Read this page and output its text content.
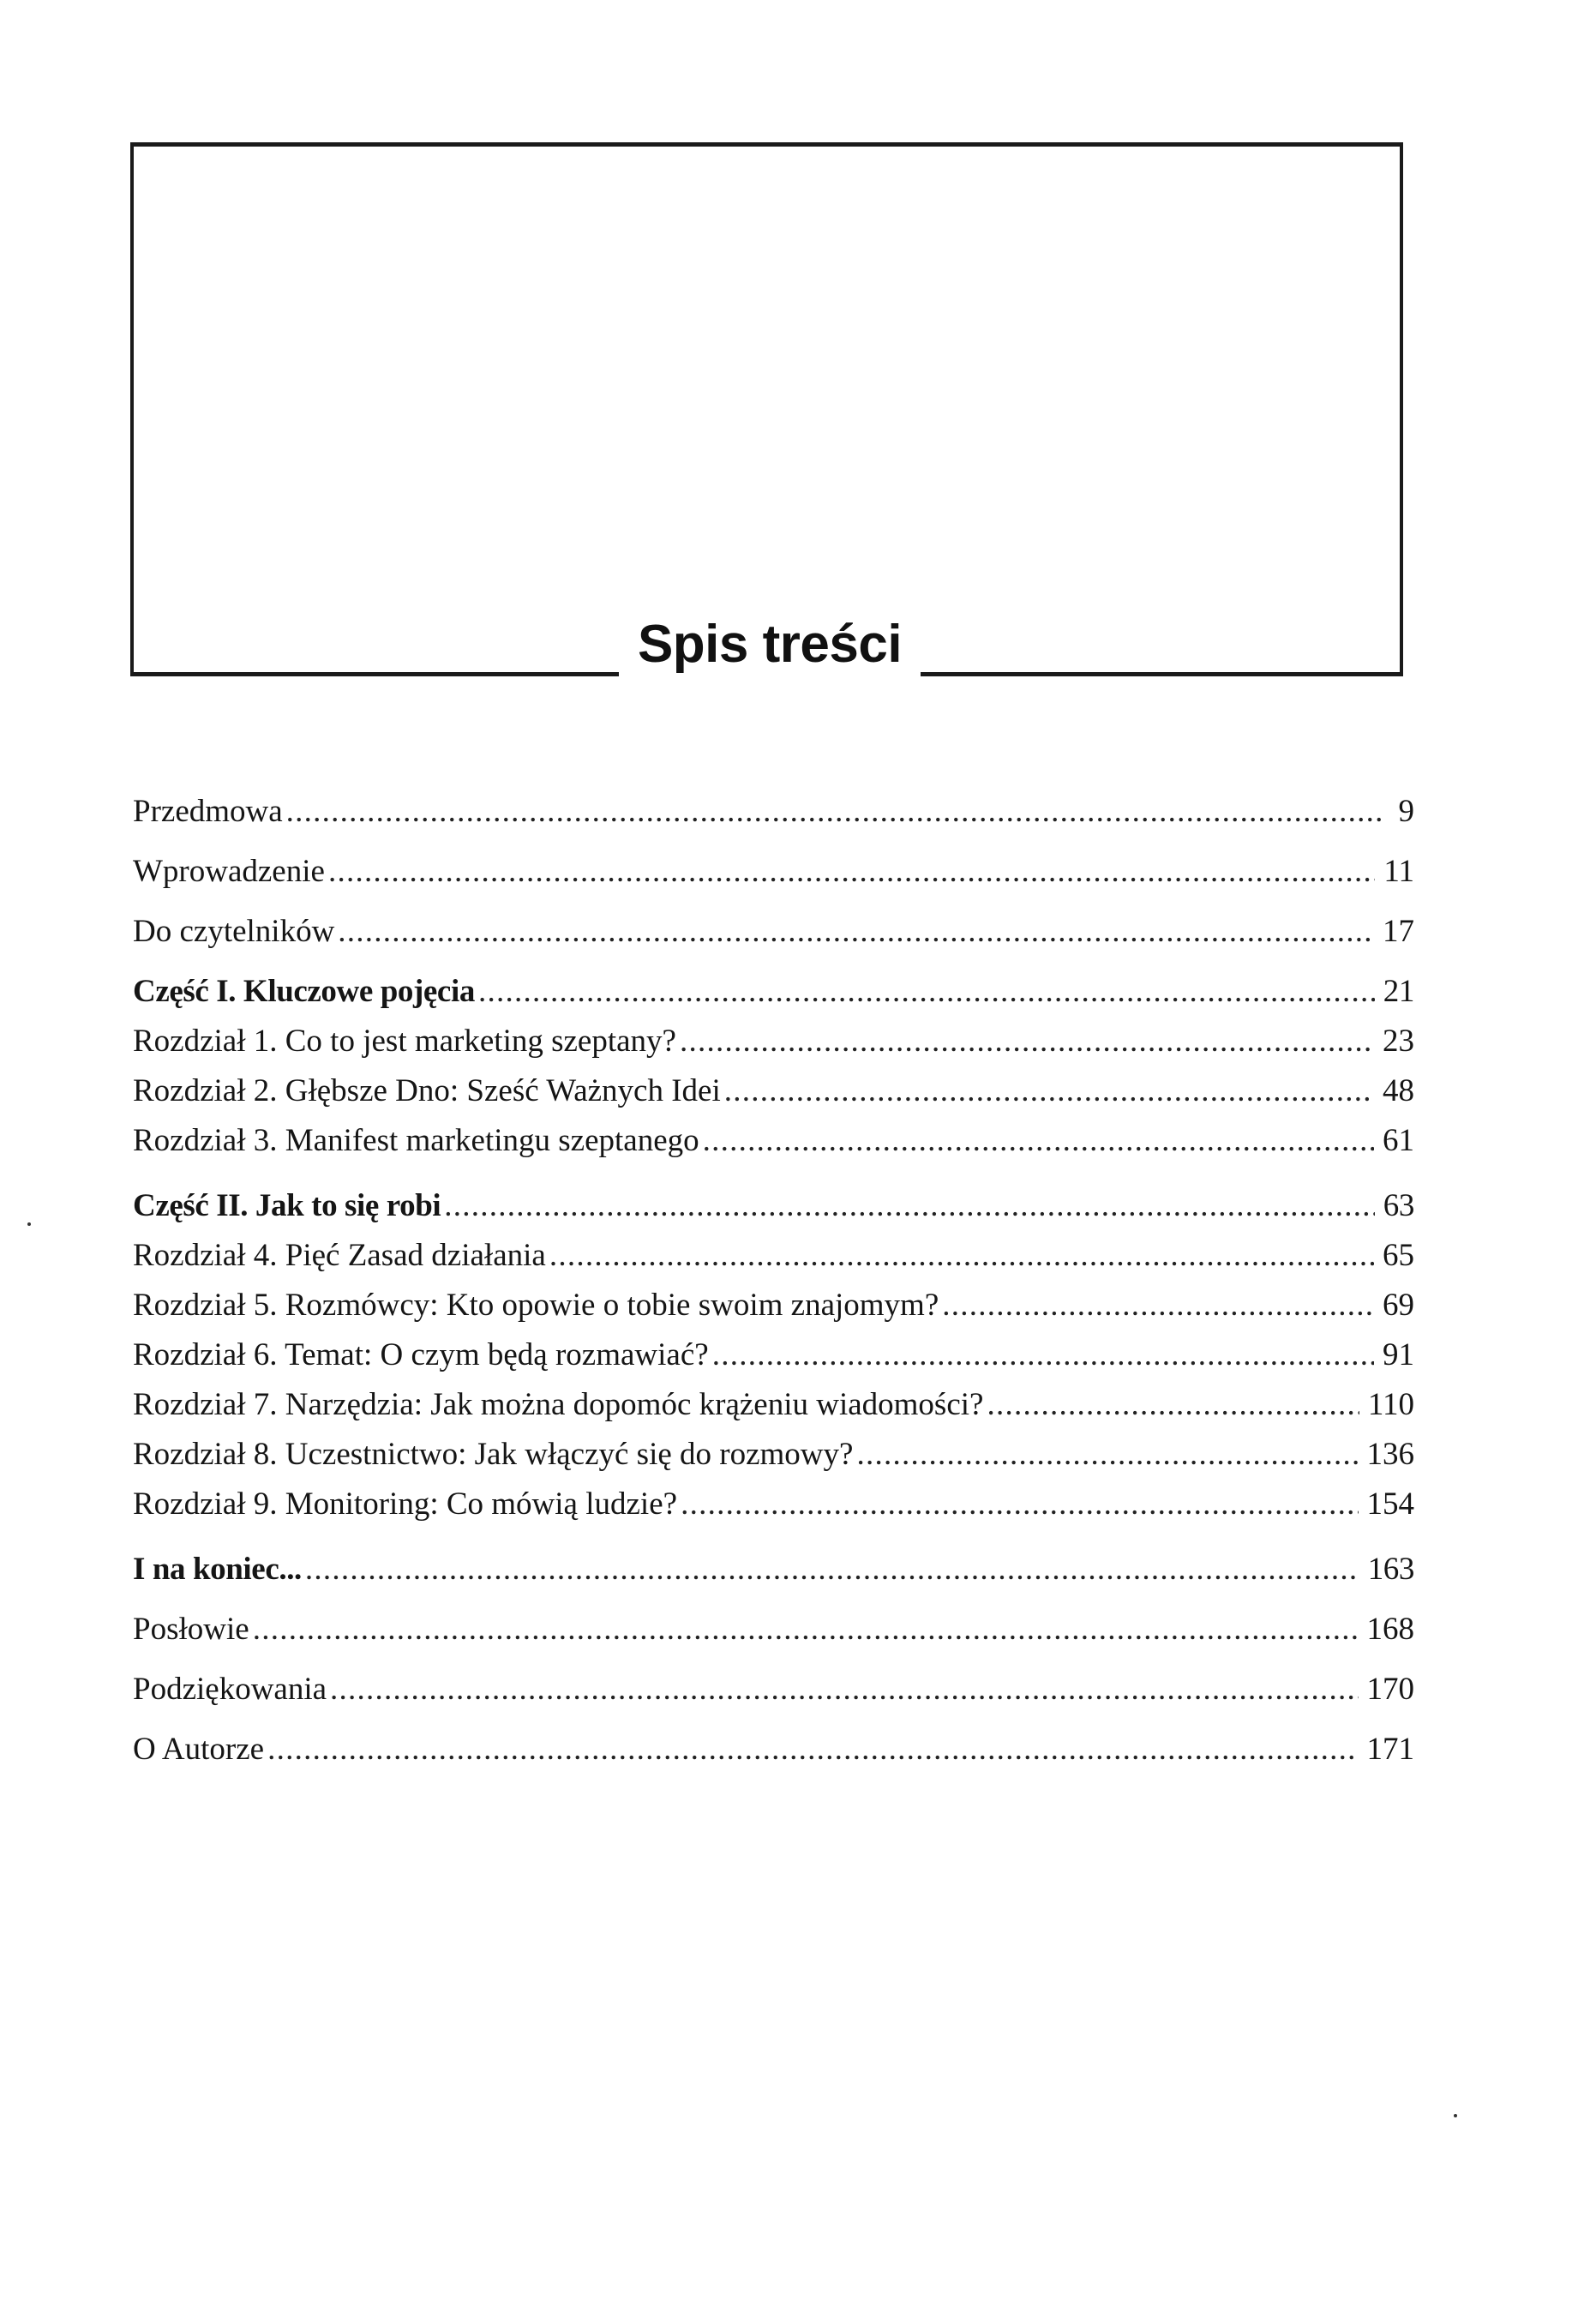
Spis treści
Przedmowa . . .	9
Wprowadzenie . . .	11
Do czytelników . . .	17
Część I. Kluczowe pojęcia . . .	21
Rozdział 1. Co to jest marketing szeptany? . . .	23
Rozdział 2. Głębsze Dno: Sześć Ważnych Idei . . .	48
Rozdział 3. Manifest marketingu szeptanego . . .	61
Część II. Jak to się robi . . .	63
Rozdział 4. Pięć Zasad działania . . .	65
Rozdział 5. Rozmówcy: Kto opowie o tobie swoim znajomym? . . .	69
Rozdział 6. Temat: O czym będą rozmawiać? . . .	91
Rozdział 7. Narzędzia: Jak można dopomóc krążeniu wiadomości? . . .	110
Rozdział 8. Uczestnictwo: Jak włączyć się do rozmowy? . . .	136
Rozdział 9. Monitoring: Co mówią ludzie? . . .	154
I na koniec... . . .	163
Posłowie . . .	168
Podziękowania . . .	170
O Autorze . . .	171
